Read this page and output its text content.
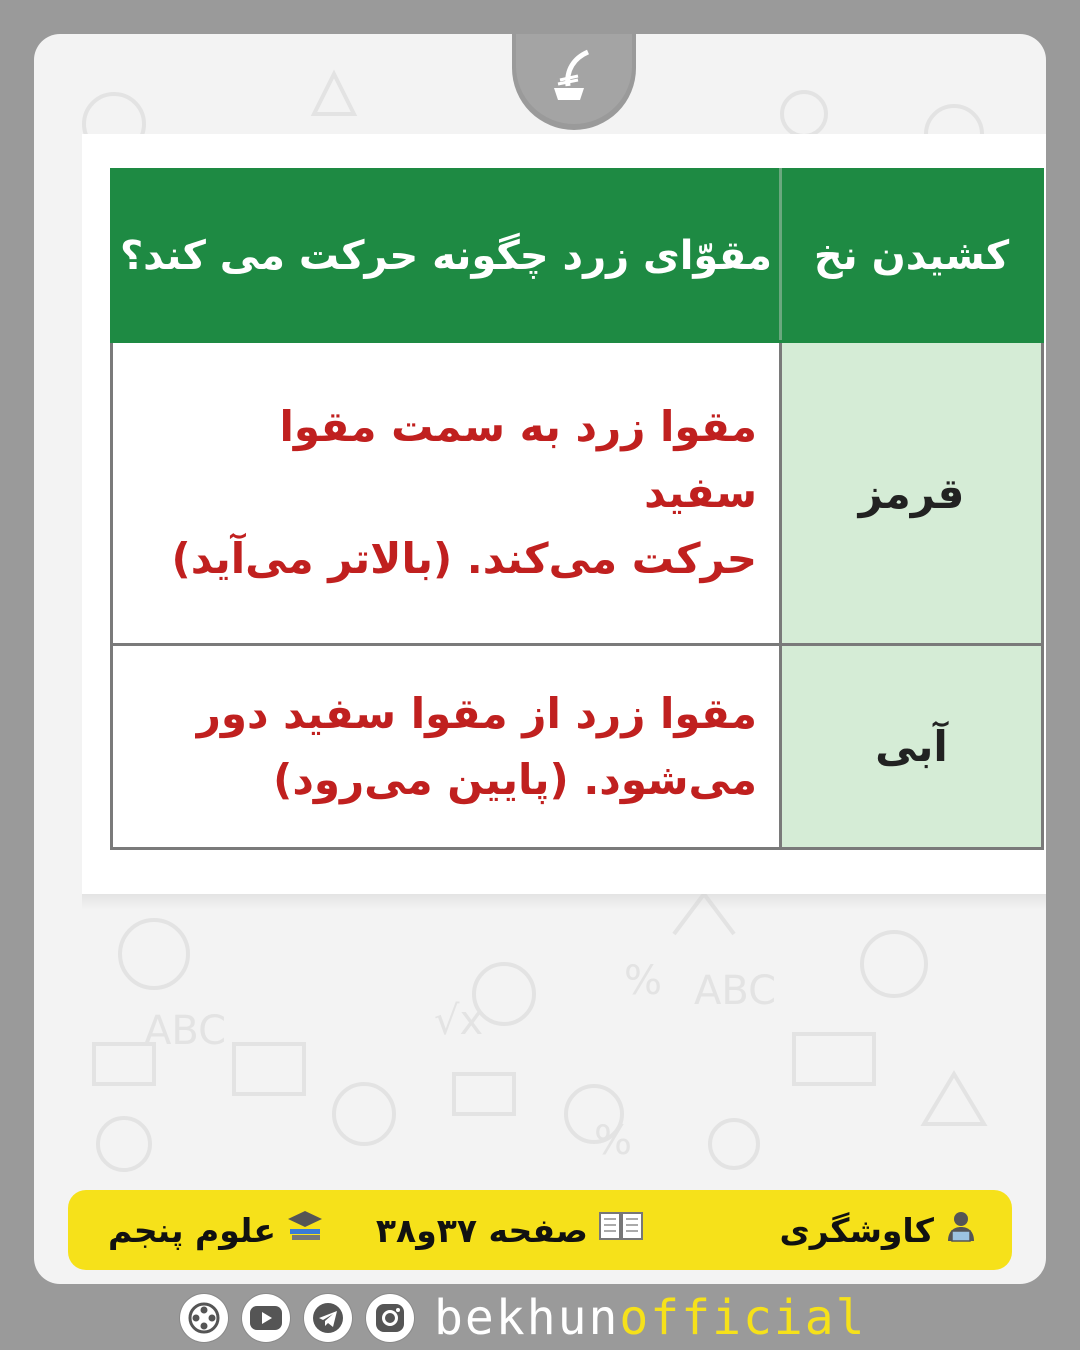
%
%
ABC
ABC
√x
کشیدن نخ	مقوّای زرد چگونه حرکت می کند؟
قرمز	مقوا زرد به سمت مقوا سفید
حرکت می‌کند. (بالاتر می‌آید)

آبی	مقوا زرد از مقوا سفید دور
می‌شود. (پایین می‌رود)
کاوشگری
صفحه ۳۷و۳۸
علوم پنجم
bekhunofficial
